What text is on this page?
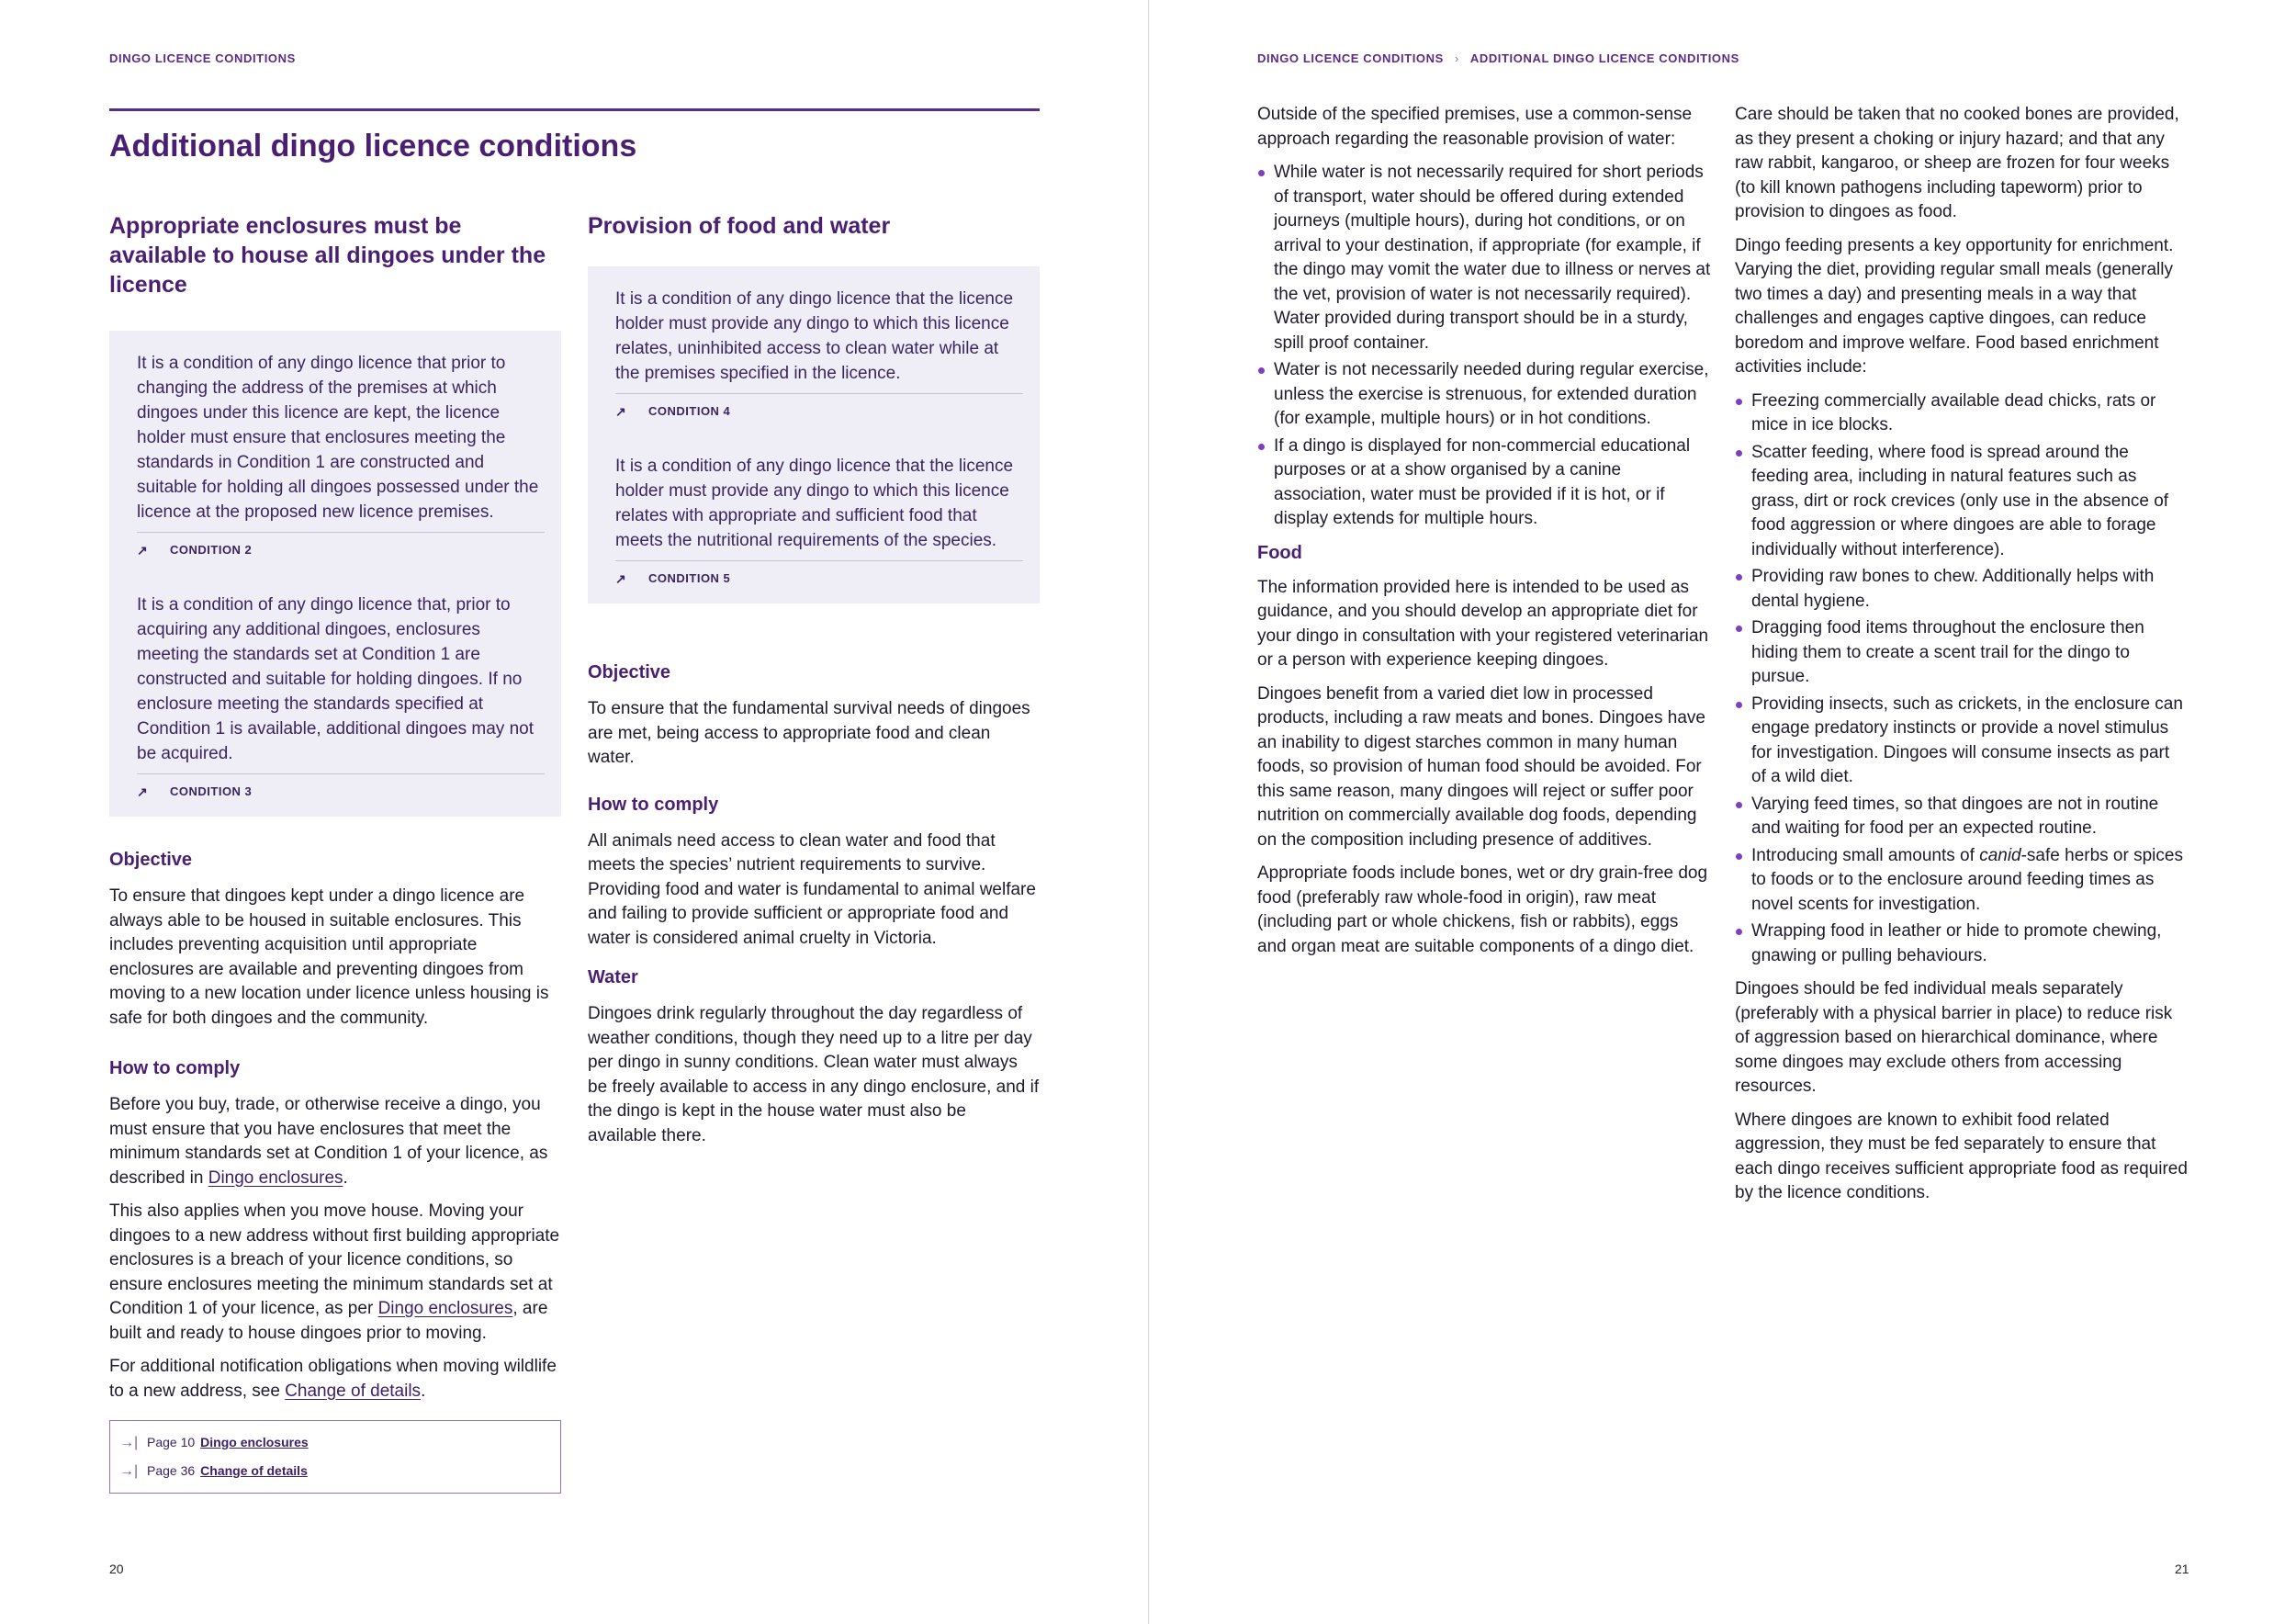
DINGO LICENCE CONDITIONS
Additional dingo licence conditions
Appropriate enclosures must be available to house all dingoes under the licence

It is a condition of any dingo licence that prior to changing the address of the premises at which dingoes under this licence are kept, the licence holder must ensure that enclosures meeting the standards in Condition 1 are constructed and suitable for holding all dingoes possessed under the licence at the proposed new licence premises.

↗	CONDITION 2

It is a condition of any dingo licence that, prior to acquiring any additional dingoes, enclosures meeting the standards set at Condition 1 are constructed and suitable for holding dingoes. If no enclosure meeting the standards specified at Condition 1 is available, additional dingoes may not be acquired.

↗	CONDITION 3
Objective

To ensure that dingoes kept under a dingo licence are always able to be housed in suitable enclosures. This includes preventing acquisition until appropriate enclosures are available and preventing dingoes from moving to a new location under licence unless housing is safe for both dingoes and the community.

How to comply

Before you buy, trade, or otherwise receive a dingo, you must ensure that you have enclosures that meet the minimum standards set at Condition 1 of your licence, as described in Dingo enclosures.

This also applies when you move house. Moving your dingoes to a new address without first building appropriate enclosures is a breach of your licence conditions, so ensure enclosures meeting the minimum standards set at Condition 1 of your licence, as per Dingo enclosures, are built and ready to house dingoes prior to moving.

For additional notification obligations when moving wildlife to a new address, see Change of details.

→| Page 10 Dingo enclosures
→| Page 36 Change of details
Provision of food and water

It is a condition of any dingo licence that the licence holder must provide any dingo to which this licence relates, uninhibited access to clean water while at the premises specified in the licence.

↗	CONDITION 4

It is a condition of any dingo licence that the licence holder must provide any dingo to which this licence relates with appropriate and sufficient food that meets the nutritional requirements of the species.

↗	CONDITION 5
Objective

To ensure that the fundamental survival needs of dingoes are met, being access to appropriate food and clean water.

How to comply

All animals need access to clean water and food that meets the species’ nutrient requirements to survive. Providing food and water is fundamental to animal welfare and failing to provide sufficient or appropriate food and water is considered animal cruelty in Victoria.

Water

Dingoes drink regularly throughout the day regardless of weather conditions, though they need up to a litre per day per dingo in sunny conditions. Clean water must always be freely available to access in any dingo enclosure, and if the dingo is kept in the house water must also be available there.

20
DINGO LICENCE CONDITIONS › ADDITIONAL DINGO LICENCE CONDITIONS

Outside of the specified premises, use a common-sense approach regarding the reasonable provision of water:

While water is not necessarily required for short periods of transport, water should be offered during extended journeys (multiple hours), during hot conditions, or on arrival to your destination, if appropriate (for example, if the dingo may vomit the water due to illness or nerves at the vet, provision of water is not necessarily required). Water provided during transport should be in a sturdy, spill proof container.
Water is not necessarily needed during regular exercise, unless the exercise is strenuous, for extended duration (for example, multiple hours) or in hot conditions.
If a dingo is displayed for non-commercial educational purposes or at a show organised by a canine association, water must be provided if it is hot, or if display extends for multiple hours.
Food

The information provided here is intended to be used as guidance, and you should develop an appropriate diet for your dingo in consultation with your registered veterinarian or a person with experience keeping dingoes.

Dingoes benefit from a varied diet low in processed products, including a raw meats and bones. Dingoes have an inability to digest starches common in many human foods, so provision of human food should be avoided. For this same reason, many dingoes will reject or suffer poor nutrition on commercially available dog foods, depending on the composition including presence of additives.

Appropriate foods include bones, wet or dry grain-free dog food (preferably raw whole-food in origin), raw meat (including part or whole chickens, fish or rabbits), eggs and organ meat are suitable components of a dingo diet.

Care should be taken that no cooked bones are provided, as they present a choking or injury hazard; and that any raw rabbit, kangaroo, or sheep are frozen for four weeks (to kill known pathogens including tapeworm) prior to provision to dingoes as food.

Dingo feeding presents a key opportunity for enrichment. Varying the diet, providing regular small meals (generally two times a day) and presenting meals in a way that challenges and engages captive dingoes, can reduce boredom and improve welfare. Food based enrichment activities include:

Freezing commercially available dead chicks, rats or mice in ice blocks.
Scatter feeding, where food is spread around the feeding area, including in natural features such as grass, dirt or rock crevices (only use in the absence of food aggression or where dingoes are able to forage individually without interference).
Providing raw bones to chew. Additionally helps with dental hygiene.
Dragging food items throughout the enclosure then hiding them to create a scent trail for the dingo to pursue.
Providing insects, such as crickets, in the enclosure can engage predatory instincts or provide a novel stimulus for investigation. Dingoes will consume insects as part of a wild diet.
Varying feed times, so that dingoes are not in routine and waiting for food per an expected routine.
Introducing small amounts of canid-safe herbs or spices to foods or to the enclosure around feeding times as novel scents for investigation.
Wrapping food in leather or hide to promote chewing, gnawing or pulling behaviours.

Dingoes should be fed individual meals separately (preferably with a physical barrier in place) to reduce risk of aggression based on hierarchical dominance, where some dingoes may exclude others from accessing resources.

Where dingoes are known to exhibit food related aggression, they must be fed separately to ensure that each dingo receives sufficient appropriate food as required by the licence conditions.

21
